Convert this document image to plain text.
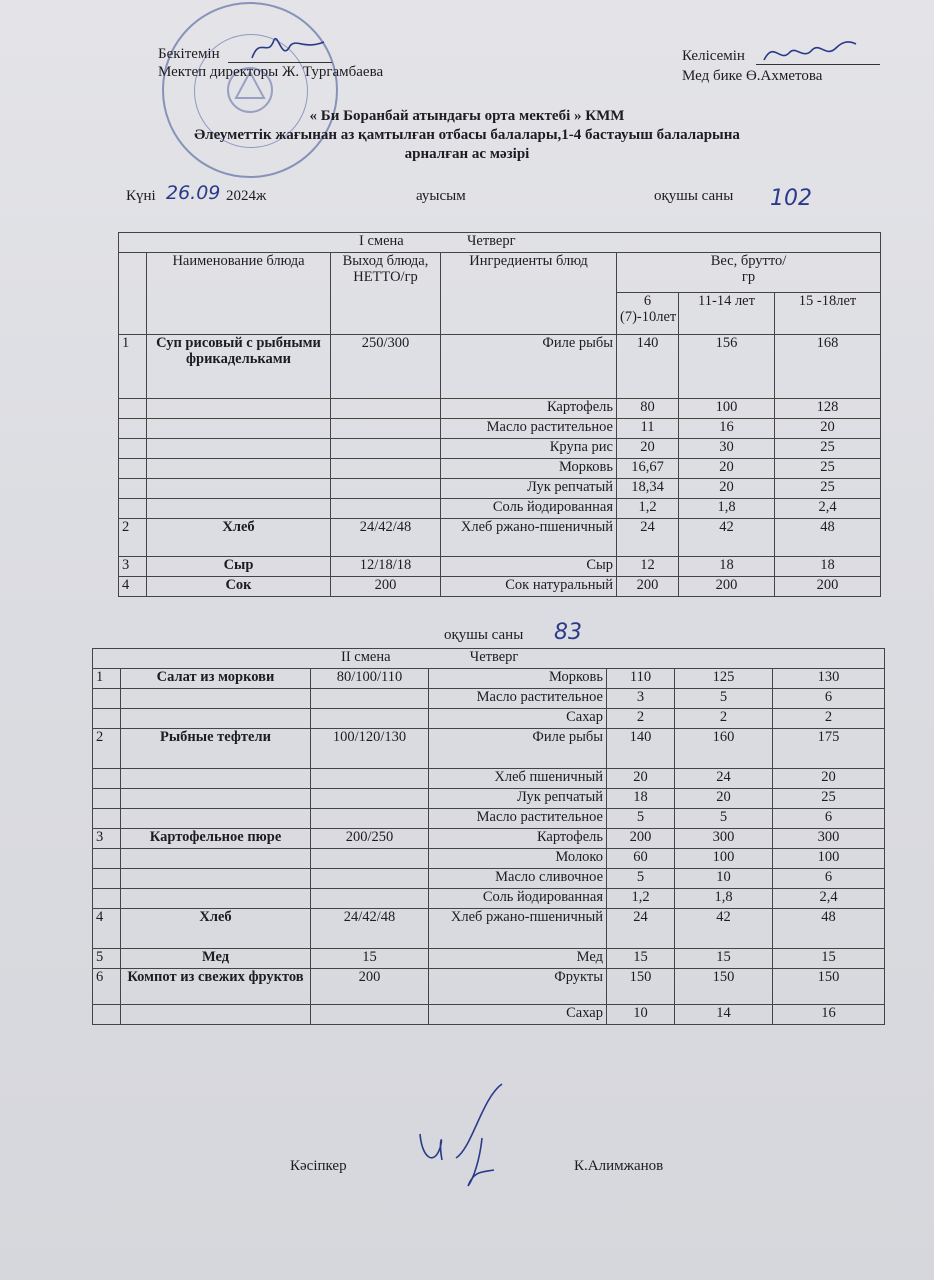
Бекітемін
Мектеп директоры Ж. Тургамбаева
Келісемін
Мед бике Ө.Ахметова
« Би Боранбай атындағы орта мектебі » КММ
Әлеуметтік жағынан аз қамтылған отбасы балалары,1-4 бастауыш балаларына
арналған ас мәзірі
Күні 26.09 2024ж	ауысым	оқушы саны 102
I смена Четверг						
	Наименование блюда	Выход блюда, НЕТТО/гр	Ингредиенты блюд	Вес, брутто/гр		
				6 (7)-10лет	11-14 лет	15 -18лет
1	Суп рисовый с рыбными фрикадельками	250/300	Филе рыбы	140	156	168
			Картофель	80	100	128
			Масло растительное	11	16	20
			Крупа рис	20	30	25
			Морковь	16,67	20	25
			Лук репчатый	18,34	20	25
			Соль йодированная	1,2	1,8	2,4
2	Хлеб	24/42/48	Хлеб ржано-пшеничный	24	42	48
3	Сыр	12/18/18	Сыр	12	18	18
4	Сок	200	Сок натуральный	200	200	200
оқушы саны 83
II смена Четверг						
1	Салат из моркови	80/100/110	Морковь	110	125	130
			Масло растительное	3	5	6
			Сахар	2	2	2
2	Рыбные тефтели	100/120/130	Филе рыбы	140	160	175
			Хлеб пшеничный	20	24	20
			Лук репчатый	18	20	25
			Масло растительное	5	5	6
3	Картофельное пюре	200/250	Картофель	200	300	300
			Молоко	60	100	100
			Масло сливочное	5	10	6
			Соль йодированная	1,2	1,8	2,4
4	Хлеб	24/42/48	Хлеб ржано-пшеничный	24	42	48
5	Мед	15	Мед	15	15	15
6	Компот из свежих фруктов	200	Фрукты	150	150	150
			Сахар	10	14	16
Кәсіпкер	К.Алимжанов
